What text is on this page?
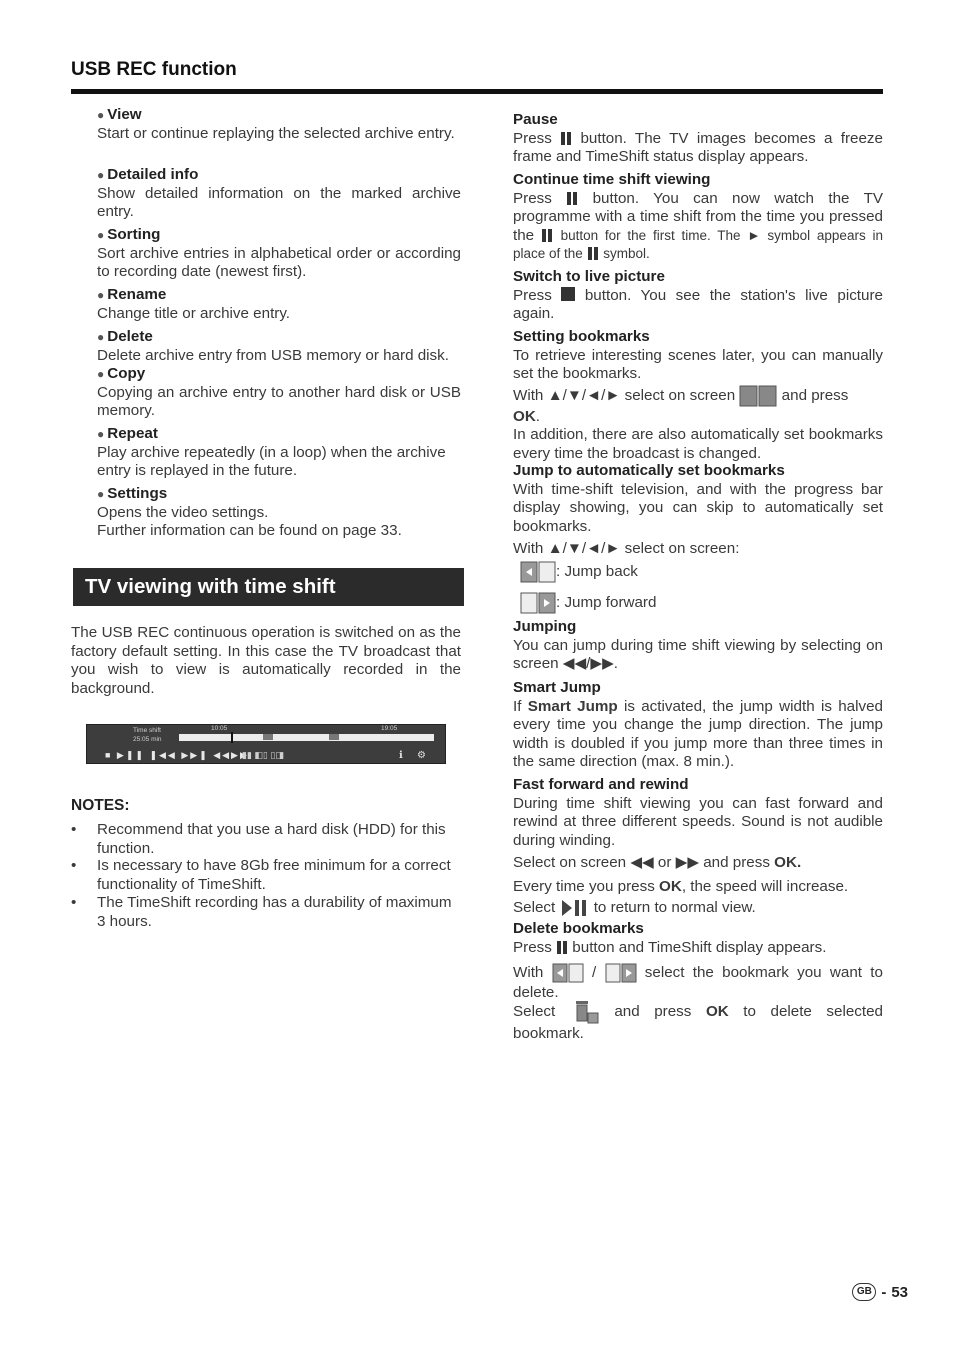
USB REC function
● View
Start or continue replaying the selected archive entry.
● Detailed info
Show detailed information on the marked archive entry.
● Sorting
Sort archive entries in alphabetical order or according to recording date (newest first).
● Rename
Change title or archive entry.
● Delete
Delete archive entry from USB memory or hard disk.
● Copy
Copying an archive entry to another hard disk or USB memory.
● Repeat
Play archive repeatedly (in a loop) when the archive entry is replayed in the future.
● Settings
Opens the video settings.
Further information can be found on page 33.
TV viewing with time shift
The USB REC continuous operation is switched on as the factory default setting. In this case the TV broadcast that you wish to view is automatically recorded in the background.
Time shift
25:05 min
10:05	19:05
■ ▶❚❚ ❚◀◀ ▶▶❚ ◀◀▶▶
▮▮ ◧▯ ▯◨	ℹ ⚙
NOTES:
• Recommend that you use a hard disk (HDD) for this function.
• Is necessary to have 8Gb free minimum for a correct functionality of TimeShift.
• The TimeShift recording has a durability of maximum 3 hours.
Pause
Press button. The TV images becomes a freeze frame and TimeShift status display appears.
Continue time shift viewing
Press	button. You can now watch the TV programme with a time shift from the time you pressed the button for the first time. The ► symbol appears in place of the symbol.
Switch to live picture
Press button. You see the station's live picture again.
Setting bookmarks
To retrieve interesting scenes later, you can manually set the bookmarks.
With ▲/▼/◄/► select on screen	and press
OK.
In addition, there are also automatically set bookmarks every time the broadcast is changed.
Jump to automatically set bookmarks
With time-shift television, and with the progress bar display showing, you can skip to automatically set bookmarks.
With ▲/▼/◄/► select on screen:
: Jump back
: Jump forward
Jumping
You can jump during time shift viewing by selecting on screen ◀◀/▶▶.
Smart Jump
If Smart Jump is activated, the jump width is halved every time you change the jump direction. The jump width is doubled if you jump more than three times in the same direction (max. 8 min.).
Fast forward and rewind
During time shift viewing you can fast forward and rewind at three different speeds. Sound is not audible during winding.
Select on screen ◀◀ or ▶▶ and press OK.
Every time you press OK, the speed will increase.
Select	to return to normal view.
Delete bookmarks
Press button and TimeShift display appears.
With	/	select the bookmark you want to delete.
Select	and press OK to delete selected bookmark.
GB - 53
